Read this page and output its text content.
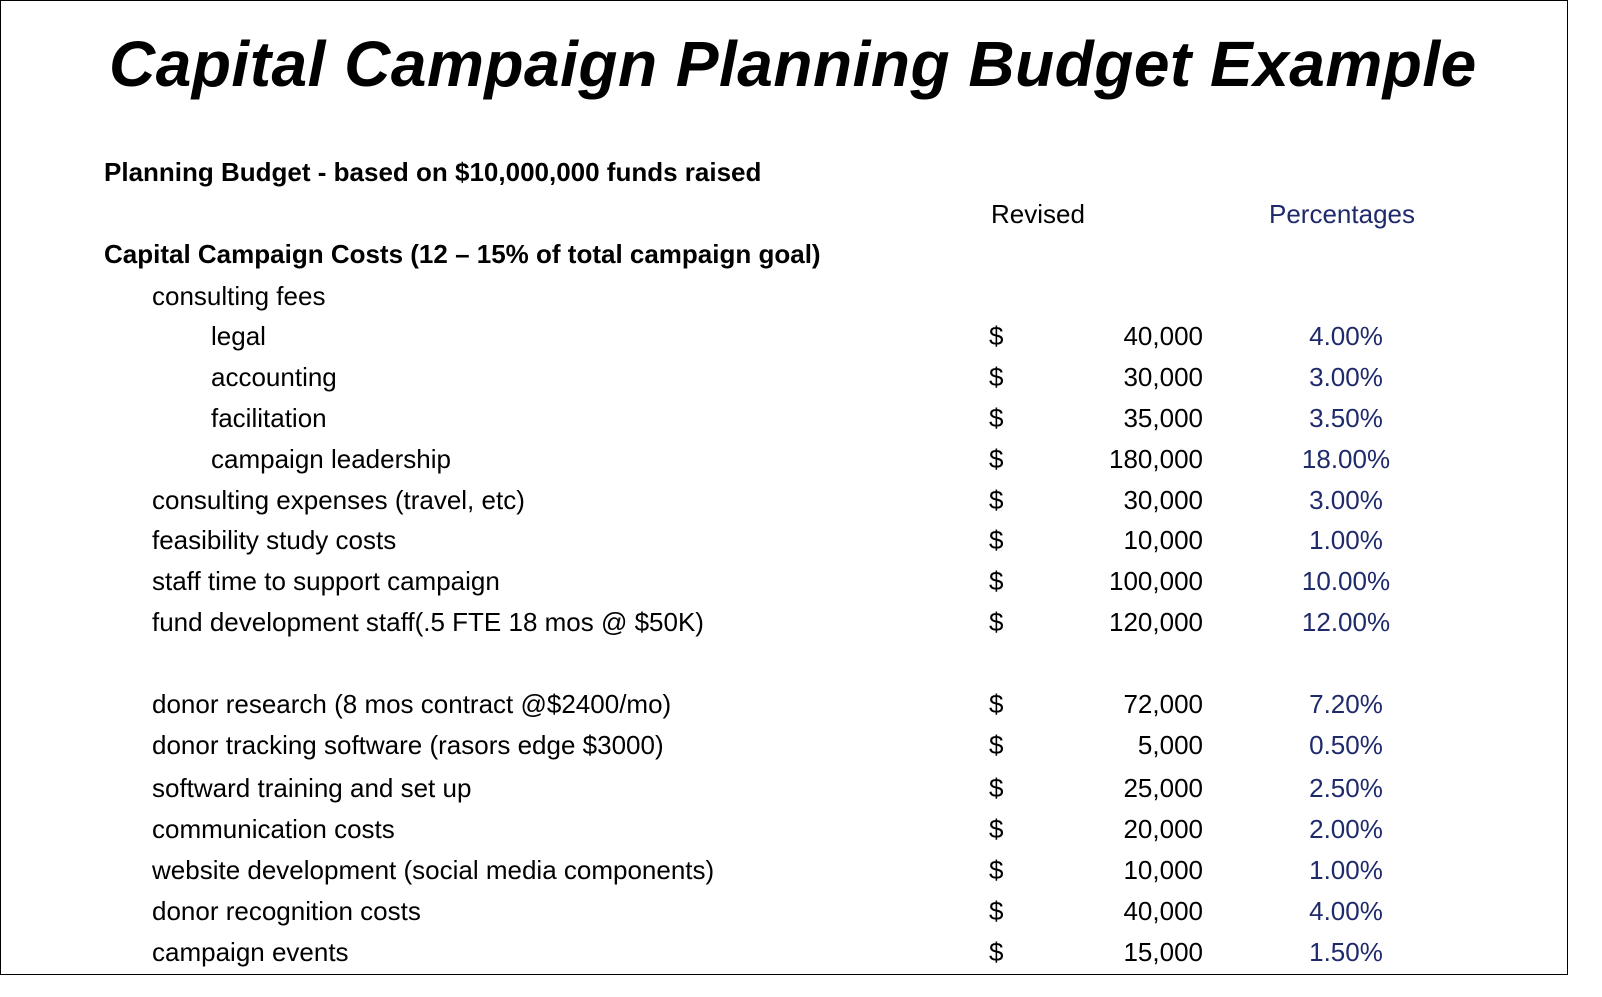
Capital Campaign Planning Budget Example
Planning Budget - based on $10,000,000 funds raised
Revised	Percentages
Capital Campaign Costs (12 – 15% of total campaign goal)
consulting fees
legal	$	40,000	4.00%
accounting	$	30,000	3.00%
facilitation	$	35,000	3.50%
campaign leadership	$	180,000	18.00%
consulting expenses (travel, etc)	$	30,000	3.00%
feasibility study costs	$	10,000	1.00%
staff time to support campaign	$	100,000	10.00%
fund development staff(.5 FTE 18 mos @ $50K)	$	120,000	12.00%
donor research (8 mos contract @$2400/mo)	$	72,000	7.20%
donor tracking software (rasors edge $3000)	$	5,000	0.50%
softward training and set up	$	25,000	2.50%
communication costs	$	20,000	2.00%
website development (social media components)	$	10,000	1.00%
donor recognition costs	$	40,000	4.00%
campaign events	$	15,000	1.50%
